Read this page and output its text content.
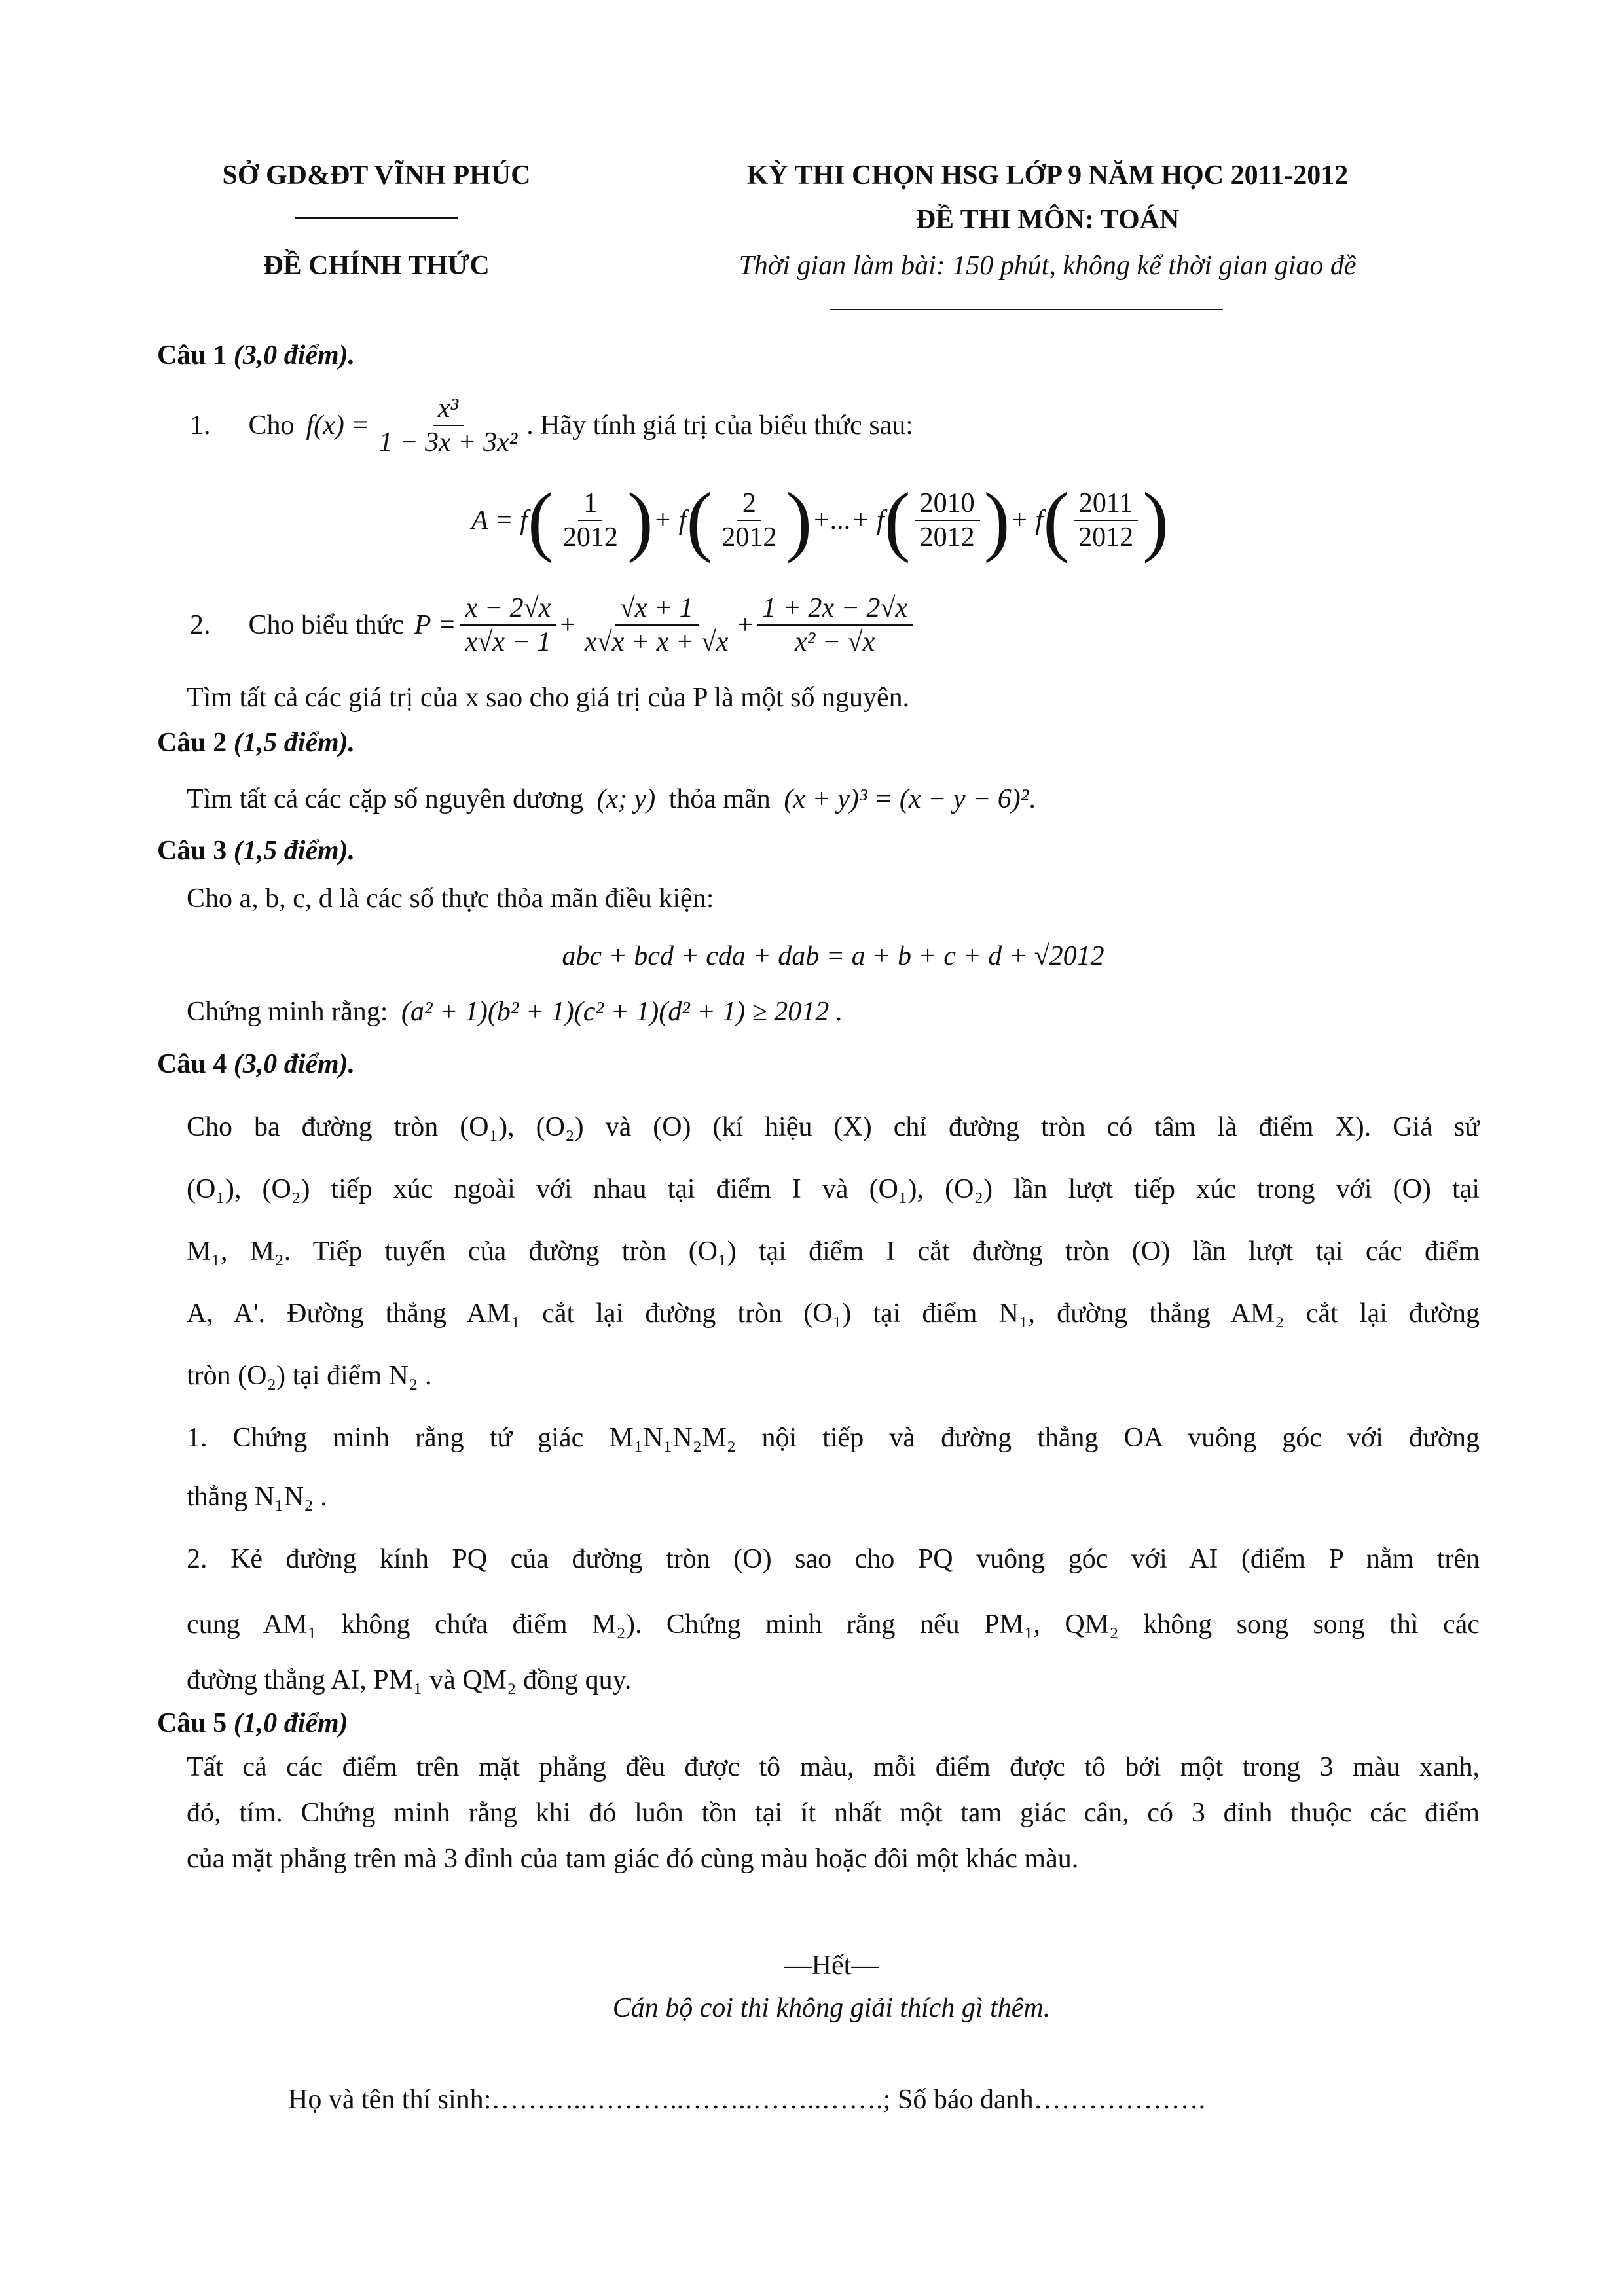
SỞ GD&ĐT VĨNH PHÚC
ĐỀ CHÍNH THỨC
KỲ THI CHỌN HSG LỚP 9 NĂM HỌC 2011-2012
ĐỀ THI MÔN: TOÁN
Thời gian làm bài: 150 phút, không kể thời gian giao đề
Câu 1 (3,0 điểm).
1. Cho $f(x) = \frac{\text{x³}}{\text{1 − 3x + 3x²}}$ . Hãy tính giá trị của biểu thức sau:
A = f ( $\frac{1}{2012}$ ) + f ( $\frac{2}{2012}$ ) +...+ f ( $\frac{2010}{2012}$ ) + f ( $\frac{2011}{2012}$ )
2. Cho biểu thức $P = \frac{x - 2√x}{x√x - 1} + \frac{√x + 1}{x√x + x + √x} + \frac{1 + 2x - 2√x}{\text{x² − √x}}$
Tìm tất cả các giá trị của x sao cho giá trị của P là một số nguyên.
Câu 2 (1,5 điểm).
Tìm tất cả các cặp số nguyên dương (x; y) thỏa mãn (x + y)³ = (x − y − 6)².
Câu 3 (1,5 điểm).
Cho a, b, c, d là các số thực thỏa mãn điều kiện:
abc + bcd + cda + dab = a + b + c + d + √2012
Chứng minh rằng: (a² + 1)(b² + 1)(c² + 1)(d² + 1) ≥ 2012 .
Câu 4 (3,0 điểm).
Cho ba đường tròn (O₁), (O₂) và (O) (kí hiệu (X) chỉ đường tròn có tâm là điểm X). Giả sử
(O₁), (O₂) tiếp xúc ngoài với nhau tại điểm I và (O₁), (O₂) lần lượt tiếp xúc trong với (O) tại
M₁, M₂. Tiếp tuyến của đường tròn (O₁) tại điểm I cắt đường tròn (O) lần lượt tại các điểm
A, A'. Đường thẳng AM₁ cắt lại đường tròn (O₁) tại điểm N₁, đường thẳng AM₂ cắt lại đường
tròn (O₂) tại điểm N₂ .
1. Chứng minh rằng tứ giác M₁N₁N₂M₂ nội tiếp và đường thẳng OA vuông góc với đường
thẳng N₁N₂ .
2. Kẻ đường kính PQ của đường tròn (O) sao cho PQ vuông góc với AI (điểm P nằm trên
cung AM₁ không chứa điểm M₂). Chứng minh rằng nếu PM₁, QM₂ không song song thì các
đường thẳng AI, PM₁ và QM₂ đồng quy.
Câu 5 (1,0 điểm)
Tất cả các điểm trên mặt phẳng đều được tô màu, mỗi điểm được tô bởi một trong 3 màu xanh,
đỏ, tím. Chứng minh rằng khi đó luôn tồn tại ít nhất một tam giác cân, có 3 đỉnh thuộc các điểm
của mặt phẳng trên mà 3 đỉnh của tam giác đó cùng màu hoặc đôi một khác màu.
—Hết—
Cán bộ coi thi không giải thích gì thêm.
Họ và tên thí sinh:………..………..……..……..…….; Số báo danh……………….
